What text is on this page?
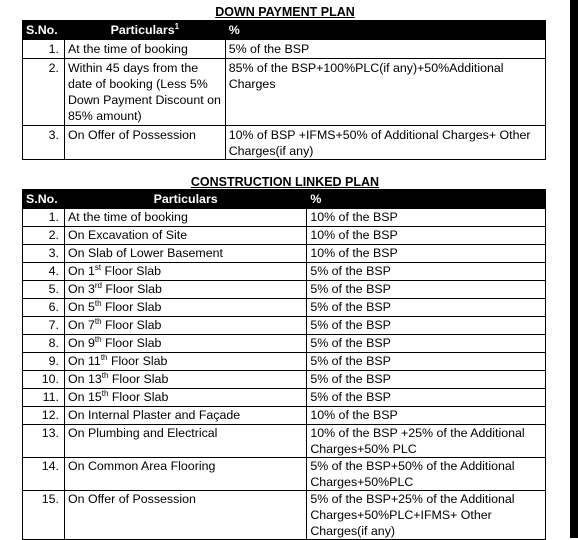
DOWN PAYMENT PLAN
S.No.	Particulars$^1$	%
1.	At the time of booking	5% of the BSP
2.	Within 45 days from the date of booking (Less 5% Down Payment Discount on 85% amount)	85% of the BSP+100%PLC(if any)+50%Additional Charges
3.	On Offer of Possession	10% of BSP +IFMS+50% of Additional Charges+ Other Charges(if any)
CONSTRUCTION LINKED PLAN
S.No.	Particulars	%
1.	At the time of booking	10% of the BSP
2.	On Excavation of Site	10% of the BSP
3.	On Slab of Lower Basement	10% of the BSP
4.	On 1st Floor Slab	5% of the BSP
5.	On 3rd Floor Slab	5% of the BSP
6.	On 5th Floor Slab	5% of the BSP
7.	On 7th Floor Slab	5% of the BSP
8.	On 9th Floor Slab	5% of the BSP
9.	On 11th Floor Slab	5% of the BSP
10.	On 13th Floor Slab	5% of the BSP
11.	On 15th Floor Slab	5% of the BSP
12.	On Internal Plaster and Façade	10% of the BSP
13.	On Plumbing and Electrical	10% of the BSP +25% of the Additional Charges+50% PLC
14.	On Common Area Flooring	5% of the BSP+50% of the Additional Charges+50%PLC
15.	On Offer of Possession	5% of the BSP+25% of the Additional Charges+50%PLC+IFMS+ Other Charges(if any)
